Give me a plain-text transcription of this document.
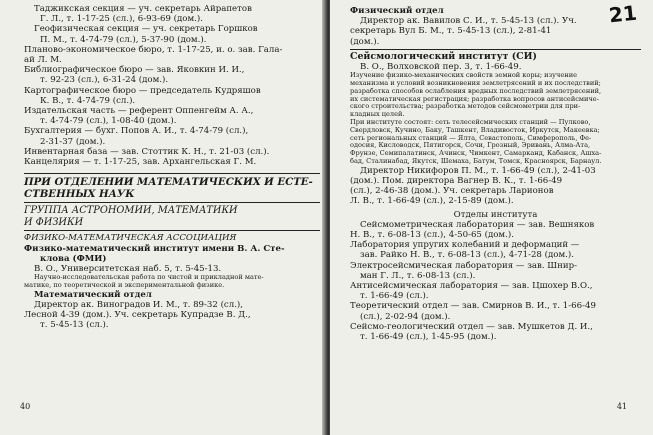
Таджикская секция — уч. секретарь Айрапетов
Г. Л., т. 1-17-25 (сл.), 6-93-69 (дом.).
Геофизическая секция — уч. секретарь Горшков
П. М., т. 4-74-79 (сл.), 5-37-90 (дом.).
Планово-экономическое бюро, т. 1-17-25, и. о. зав. Гала-
ай Л. М.
Библиографическое бюро — зав. Яковкин И. И.,
т. 92-23 (сл.), 6-31-24 (дом.).
Картографическое бюро — председатель Кудряшов
К. В., т. 4-74-79 (сл.).
Издательская часть — референт Оппенгейм А. А.,
т. 4-74-79 (сл.), 1-08-40 (дом.).
Бухгалтерия — бухг. Попов А. И., т. 4-74-79 (сл.),
2-31-37 (дом.).
Инвентарная база — зав. Стоттик К. Н., т. 21-03 (сл.).
Канцелярия — т. 1-17-25, зав. Архангельская Г. М.
ПРИ ОТДЕЛЕНИИ МАТЕМАТИЧЕСКИХ И ЕСТЕ-
СТВЕННЫХ НАУК
ГРУППА АСТРОНОМИИ, МАТЕМАТИКИ
И ФИЗИКИ
ФИЗИКО-МАТЕМАТИЧЕСКАЯ АССОЦИАЦИЯ
Физико-математический институт имени В. А. Сте-
клова (ФМИ)
В. О., Университетская наб. 5, т. 5-45-13.
Научно-исследовательская работа по чистой и прикладной мате-
матике, по теоретической и экспериментальной физике.
Математический отдел
Директор ак. Виноградов И. М., т. 89-32 (сл.),
Лесной 4-39 (дом.). Уч. секретарь Купрадзе В. Д.,
т. 5-45-13 (сл.).
40
21
Физический отдел
Директор ак. Вавилов С. И., т. 5-45-13 (сл.). Уч.
секретарь Вул Б. М., т. 5-45-13 (сл.), 2-81-41
(дом.).
Сейсмологический институт (СИ)
В. О., Волховской пер. 3, т. 1-66-49.
Изучение физико-механических свойств земной коры; изучение
механизма и условий возникновения землетрясений и их последствий;
разработка способов ослабления вредных последствий землетрясений,
их систематическая регистрация; разработка вопросов антисейсмиче-
ского строительства; разработка методов сейсмометрии для при-
кладных целей.
При институте состоят: сеть телесейсмических станций — Пулково,
Свердловск, Кучино, Баку, Ташкент, Владивосток, Иркутск, Макеевка;
сеть региональных станций — Ялта, Севастополь, Симферополь, Фе-
одосия, Кисловодск, Пятигорск, Сочи, Грозный, Эривань, Алма-Ата,
Фрунзе, Семипалатинск, Ачинск, Чимкент, Самарканд, Кабанск, Ашха-
бад, Сталинабад, Якутск, Шемаха, Батум, Томск, Красноярск, Барнаул.
Директор Никифоров П. М., т. 1-66-49 (сл.), 2-41-03
(дом.). Пом. директора Вагнер В. К., т. 1-66-49
(сл.), 2-46-38 (дом.). Уч. секретарь Ларионов
Л. В., т. 1-66-49 (сл.), 2-15-89 (дом.).
Отделы института
Сейсмометрическая лаборатория — зав. Вешняков
Н. В., т. 6-08-13 (сл.), 4-50-65 (дом.).
Лаборатория упругих колебаний и деформаций —
зав. Райко Н. В., т. 6-08-13 (сл.), 4-71-28 (дом.).
Электросейсмическая лаборатория — зав. Шнир-
ман Г. Л., т. 6-08-13 (сл.).
Антисейсмическая лаборатория — зав. Цшохер В.О.,
т. 1-66-49 (сл.).
Теоретический отдел — зав. Смирнов В. И., т. 1-66-49
(сл.), 2-02-94 (дом.).
Сейсмо-геологический отдел — зав. Мушкетов Д. И.,
т. 1-66-49 (сл.), 1-45-95 (дом.).
41
